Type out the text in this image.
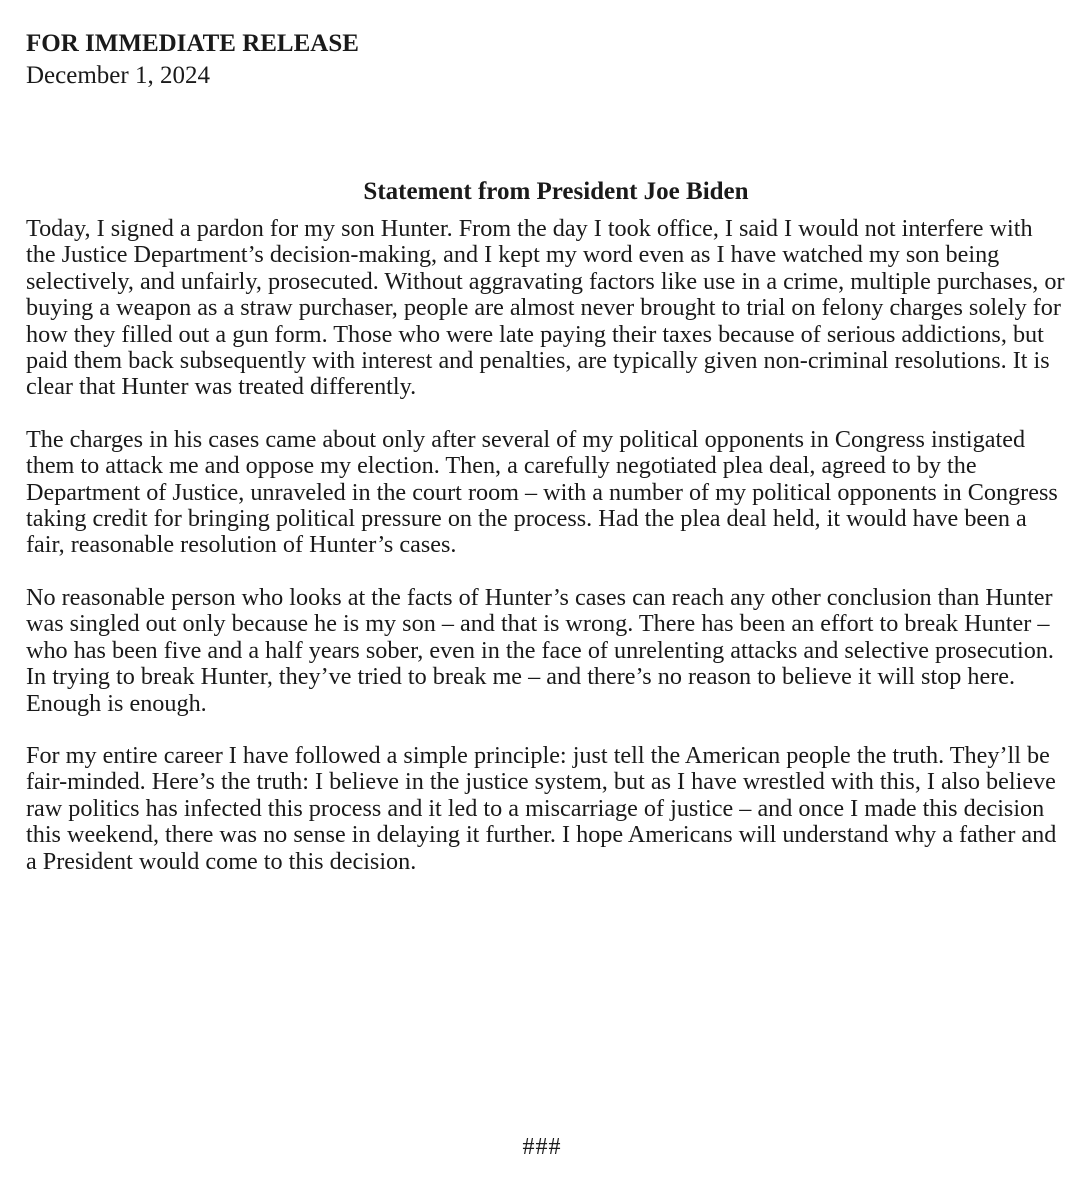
FOR IMMEDIATE RELEASE

December 1, 2024

Statement from President Joe Biden

Today, I signed a pardon for my son Hunter. From the day I took office, I said I would not interfere with the Justice Department’s decision-making, and I kept my word even as I have watched my son being selectively, and unfairly, prosecuted. Without aggravating factors like use in a crime, multiple purchases, or buying a weapon as a straw purchaser, people are almost never brought to trial on felony charges solely for how they filled out a gun form. Those who were late paying their taxes because of serious addictions, but paid them back subsequently with interest and penalties, are typically given non-criminal resolutions. It is clear that Hunter was treated differently.

The charges in his cases came about only after several of my political opponents in Congress instigated them to attack me and oppose my election. Then, a carefully negotiated plea deal, agreed to by the Department of Justice, unraveled in the court room – with a number of my political opponents in Congress taking credit for bringing political pressure on the process. Had the plea deal held, it would have been a fair, reasonable resolution of Hunter’s cases.

No reasonable person who looks at the facts of Hunter’s cases can reach any other conclusion than Hunter was singled out only because he is my son – and that is wrong. There has been an effort to break Hunter – who has been five and a half years sober, even in the face of unrelenting attacks and selective prosecution. In trying to break Hunter, they’ve tried to break me – and there’s no reason to believe it will stop here. Enough is enough.

For my entire career I have followed a simple principle: just tell the American people the truth. They’ll be fair-minded. Here’s the truth: I believe in the justice system, but as I have wrestled with this, I also believe raw politics has infected this process and it led to a miscarriage of justice – and once I made this decision this weekend, there was no sense in delaying it further. I hope Americans will understand why a father and a President would come to this decision.

###
